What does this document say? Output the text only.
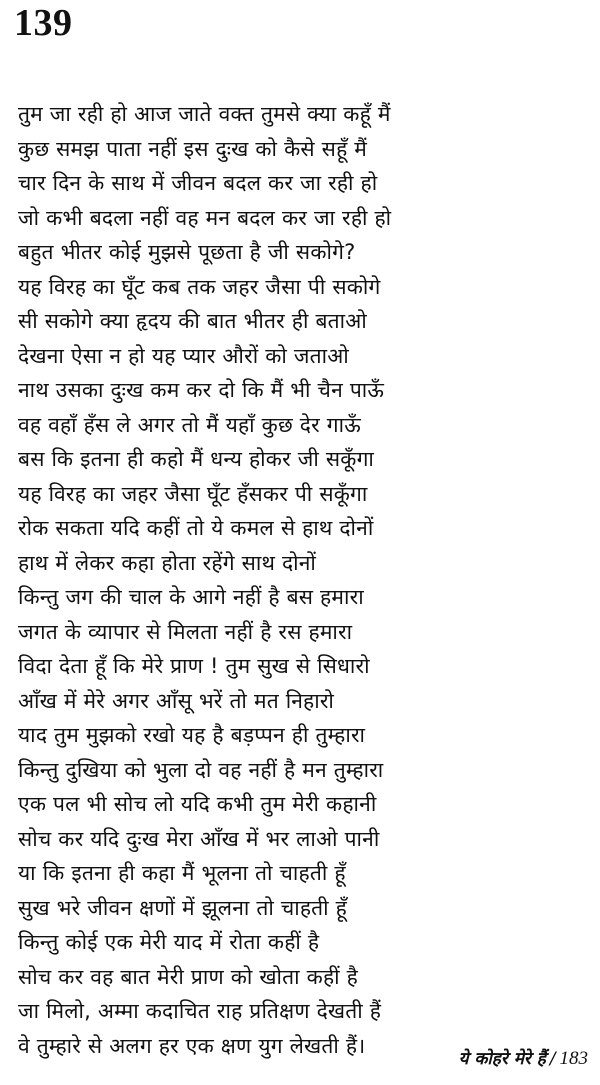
139
तुम जा रही हो आज जाते वक्त तुमसे क्या कहूँ मैं
कुछ समझ पाता नहीं इस दुःख को कैसे सहूँ मैं
चार दिन के साथ में जीवन बदल कर जा रही हो
जो कभी बदला नहीं वह मन बदल कर जा रही हो
बहुत भीतर कोई मुझसे पूछता है जी सकोगे?
यह विरह का घूँट कब तक जहर जैसा पी सकोगे
सी सकोगे क्या हृदय की बात भीतर ही बताओ
देखना ऐसा न हो यह प्यार औरों को जताओ
नाथ उसका दुःख कम कर दो कि मैं भी चैन पाऊँ
वह वहाँ हँस ले अगर तो मैं यहाँ कुछ देर गाऊँ
बस कि इतना ही कहो मैं धन्य होकर जी सकूँगा
यह विरह का जहर जैसा घूँट हँसकर पी सकूँगा
रोक सकता यदि कहीं तो ये कमल से हाथ दोनों
हाथ में लेकर कहा होता रहेंगे साथ दोनों
किन्तु जग की चाल के आगे नहीं है बस हमारा
जगत के व्यापार से मिलता नहीं है रस हमारा
विदा देता हूँ कि मेरे प्राण ! तुम सुख से सिधारो
आँख में मेरे अगर आँसू भरें तो मत निहारो
याद तुम मुझको रखो यह है बड़प्पन ही तुम्हारा
किन्तु दुखिया को भुला दो वह नहीं है मन तुम्हारा
एक पल भी सोच लो यदि कभी तुम मेरी कहानी
सोच कर यदि दुःख मेरा आँख में भर लाओ पानी
या कि इतना ही कहा मैं भूलना तो चाहती हूँ
सुख भरे जीवन क्षणों में झूलना तो चाहती हूँ
किन्तु कोई एक मेरी याद में रोता कहीं है
सोच कर वह बात मेरी प्राण को खोता कहीं है
जा मिलो, अम्मा कदाचित राह प्रतिक्षण देखती हैं
वे तुम्हारे से अलग हर एक क्षण युग लेखती हैं।
ये कोहरे मेरे हैं / 183
